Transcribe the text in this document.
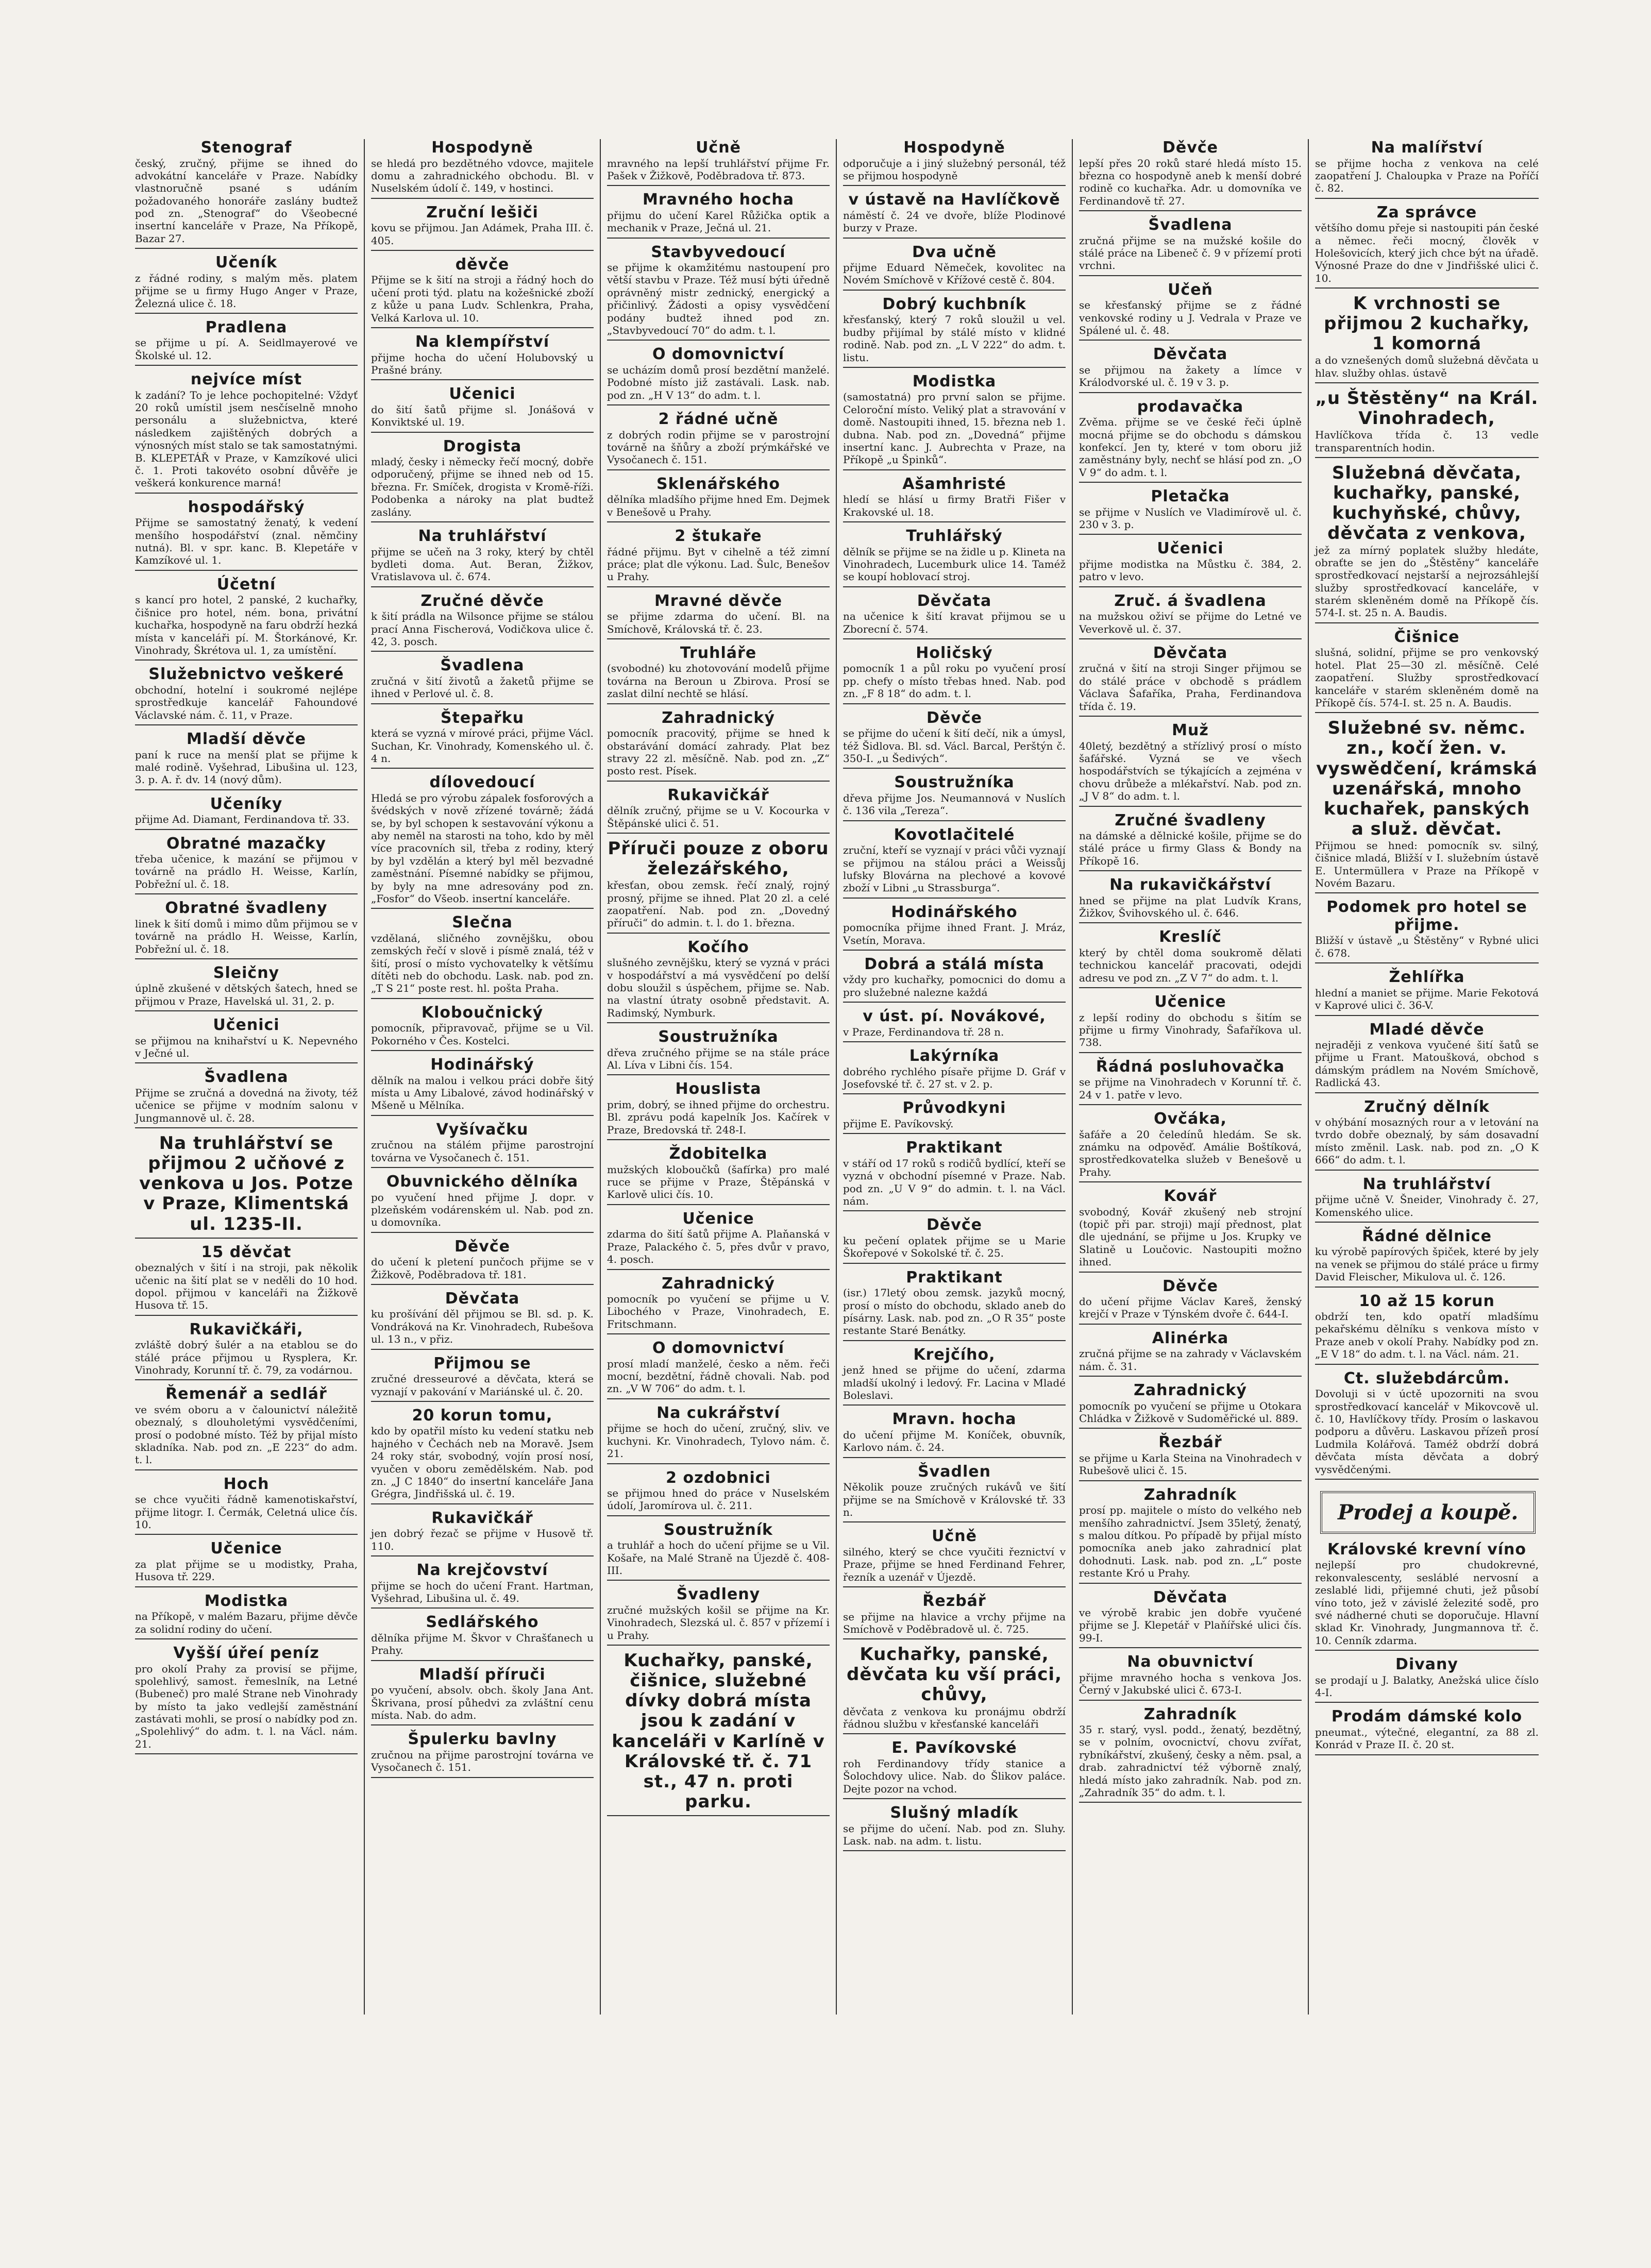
Stenograf
český, zručný, přijme se ihned do advokátní kanceláře v Praze. Nabídky vlastnoručně psané s udáním požadovaného honoráře zaslány budtež pod zn. „Stenograf“ do Všeobecné insertní kanceláře v Praze, Na Příkopě, Bazar 27.
Učeník
z řádné rodiny, s malým měs. platem přijme se u firmy Hugo Anger v Praze, Železná ulice č. 18.
Pradlena
se přijme u pí. A. Seidlmayerové ve Školské ul. 12.
nejvíce míst
k zadání? To je lehce pochopitelné: Vždyť 20 roků umístil jsem nesčíselně mnoho personálu a služebnictva, které následkem zajištěných dobrých a výnosných míst stalo se tak samostatnými. B. KLEPETÁŘ v Praze, v Kamzíkové ulici č. 1. Proti takovéto osobní důvěře je veškerá konkurence marná!
hospodářský
Přijme se samostatný ženatý, k vedení menšího hospodářství (znal. němčiny nutná). Bl. v spr. kanc. B. Klepetáře v Kamzíkové ul. 1.
Účetní
s kancí pro hotel, 2 panské, 2 kuchařky, čišnice pro hotel, ném. bona, privátní kuchařka, hospodyně na faru obdrží hezká místa v kanceláři pí. M. Štorkánové, Kr. Vinohrady, Škrétova ul. 1, za umístění.
Služebnictvo veškeré
obchodní, hotelní i soukromé nejlépe sprostředkuje kancelář Fahoundové Václavské nám. č. 11, v Praze.
Mladší děvče
paní k ruce na menší plat se přijme k malé rodině. Vyšehrad, Libušina ul. 123, 3. p. A. ř. dv. 14 (nový dům).
Učeníky
přijme Ad. Diamant, Ferdinandova tř. 33.
Obratné mazačky
třeba učenice, k mazání se přijmou v továrně na prádlo H. Weisse, Karlín, Pobřežní ul. č. 18.
Obratné švadleny
linek k šití domů i mimo dům přijmou se v továrně na prádlo H. Weisse, Karlín, Pobřežní ul. č. 18.
Sleičny
úplně zkušené v dětských šatech, hned se přijmou v Praze, Havelská ul. 31, 2. p.
Učenici
se přijmou na knihařství u K. Nepevného v Ječné ul.
Švadlena
Přijme se zručná a dovedná na životy, též učenice se přijme v modním salonu v Jungmannově ul. č. 28.
Na truhlářství se přijmou 2 učňové z venkova u Jos. Potze v Praze, Klimentská ul. 1235-II.
15 děvčat
obeznalých v šití i na stroji, pak několik učenic na šití plat se v neděli do 10 hod. dopol. přijmou v kanceláři na Žižkově Husova tř. 15.
Rukavičkáři,
zvláště dobrý šulér a na etablou se do stálé práce přijmou u Rysplera, Kr. Vinohrady, Korunní tř. č. 79, za vodárnou.
Řemenář a sedlář
ve svém oboru a v čalounictví náležitě obeznalý, s dlouholetými vysvědčeními, prosí o podobné místo. Též by přijal místo skladníka. Nab. pod zn. „E 223“ do adm. t. l.
Hoch
se chce vyučiti řádně kamenotiskařství, přijme litogr. I. Čermák, Celetná ulice čís. 10.
Učenice
za plat přijme se u modistky, Praha, Husova tř. 229.
Modistka
na Příkopě, v malém Bazaru, přijme děvče za solidní rodiny do učení.
Vyšší úřeí peníz
pro okolí Prahy za provisí se přijme, spolehlivý, samost. řemeslník, na Letné (Bubeneč) pro malé Strane neb Vinohrady by místo ta jako vedlejší zaměstnání zastávati mohli, se prosí o nabídky pod zn. „Spolehlivý“ do adm. t. l. na Václ. nám. 21.
Hospodyně
se hledá pro bezdětného vdovce, majitele domu a zahradnického obchodu. Bl. v Nuselském údolí č. 149, v hostinci.
Zruční lešiči
kovu se přijmou. Jan Adámek, Praha III. č. 405.
děvče
Přijme se k šití na stroji a řádný hoch do učení proti týd. platu na kožešnické zboží z kůže u pana Ludv. Schlenkra, Praha, Velká Karlova ul. 10.
Na klempířství
přijme hocha do učení Holubovský u Prašné brány.
Učenici
do šití šatů přijme sl. Jonášová v Konviktské ul. 19.
Drogista
mladý, česky i německy řečí mocný, dobře odporučený, přijme se ihned neb od 15. března. Fr. Smíček, drogista v Kromě-říži. Podobenka a nároky na plat budtež zaslány.
Na truhlářství
přijme se učeň na 3 roky, který by chtěl bydleti doma. Aut. Beran, Žižkov, Vratislavova ul. č. 674.
Zručné děvče
k šití prádla na Wilsonce přijme se stálou prací Anna Fischerová, Vodičkova ulice č. 42, 3. posch.
Švadlena
zručná v šití životů a žaketů přijme se ihned v Perlové ul. č. 8.
Štepařku
která se vyzná v mírové práci, přijme Václ. Suchan, Kr. Vinohrady, Komenského ul. č. 4 n.
dílovedoucí
Hledá se pro výrobu zápalek fosforových a švédských v nově zřízené továrně; žádá se, by byl schopen k sestavování výkonu a aby neměl na starosti na toho, kdo by měl více pracovních sil, třeba z rodiny, který by byl vzdělán a který byl měl bezvadné zaměstnání. Písemné nabídky se přijmou, by byly na mne adresovány pod zn. „Fosfor“ do Všeob. insertní kanceláře.
Slečna
vzdělaná, sličného zovnějšku, obou zemských řečí v slově i písmě znalá, též v šití, prosí o místo vychovatelky k většímu dítěti neb do obchodu. Lask. nab. pod zn. „T S 21“ poste rest. hl. pošta Praha.
Kloboučnický
pomocník, připravovač, přijme se u Vil. Pokorného v Čes. Kostelci.
Hodinářský
dělník na malou i velkou práci dobře šitý místa u Amy Libalové, závod hodinářský v Mšeně u Mělníka.
Vyšívačku
zručnou na stálém přijme parostrojní továrna ve Vysočanech č. 151.
Obuvnického dělníka
po vyučení hned přijme J. dopr. v plzeňském vodárenském ul. Nab. pod zn. u domovníka.
Děvče
do učení k pletení punčoch přijme se v Žižkově, Poděbradova tř. 181.
Děvčata
ku prošívání děl přijmou se Bl. sd. p. K. Vondráková na Kr. Vinohradech, Rubešova ul. 13 n., v přiz.
Přijmou se
zručné dresseurové a děvčata, která se vyznají v pakování v Mariánské ul. č. 20.
20 korun tomu,
kdo by opatřil místo ku vedení statku neb hajného v Čechách neb na Moravě. Jsem 24 roky stár, svobodný, vojín prosí nosí, vyučen v oboru zemědělském. Nab. pod zn. „J C 1840“ do insertní kanceláře Jana Grégra, Jindřišská ul. č. 19.
Rukavičkář
jen dobrý řezač se přijme v Husově tř. 110.
Na krejčovství
přijme se hoch do učení Frant. Hartman, Vyšehrad, Libušina ul. č. 49.
Sedlářského
dělníka přijme M. Škvor v Chrašťanech u Prahy.
Mladší příruči
po vyučení, absolv. obch. školy Jana Ant. Škrivana, prosí půhedvi za zvláštní cenu místa. Nab. do adm.
Špulerku bavlny
zručnou na přijme parostrojní továrna ve Vysočanech č. 151.
Učně
mravného na lepší truhlářství přijme Fr. Pašek v Žižkově, Poděbradova tř. 873.
Mravného hocha
přijmu do učení Karel Růžička optik a mechanik v Praze, Ječná ul. 21.
Stavbyvedoucí
se přijme k okamžitému nastoupení pro větší stavbu v Praze. Též musí býti úředně oprávněný mistr zednický, energický a přičinlivý. Žádosti a opisy vysvědčení podány budtež ihned pod zn. „Stavbyvedoucí 70“ do adm. t. l.
O domovnictví
se ucházím domů prosí bezdětní manželé. Podobné místo již zastávali. Lask. nab. pod zn. „H V 13“ do adm. t. l.
2 řádné učně
z dobrých rodin přijme se v parostrojní továrně na šňůry a zboží prýmkářské ve Vysočanech č. 151.
Sklenářského
dělníka mladšího přijme hned Em. Dejmek v Benešově u Prahy.
2 štukaře
řádné přijmu. Byt v cihelně a též zimní práce; plat dle výkonu. Lad. Šulc, Benešov u Prahy.
Mravné děvče
se přijme zdarma do učení. Bl. na Smíchově, Královská tř. č. 23.
Truhláře
(svobodné) ku zhotovování modelů přijme továrna na Beroun u Zbirova. Prosí se zaslat dilní nechtě se hlásí.
Zahradnický
pomocník pracovitý, přijme se hned k obstarávání domácí zahrady. Plat bez stravy 22 zl. měsíčně. Nab. pod zn. „Z“ posto rest. Písek.
Rukavičkář
dělník zručný, přijme se u V. Kocourka v Štěpánské ulici č. 51.
Příruči pouze z oboru železářského,
křesťan, obou zemsk. řečí znalý, rojný prosný, přijme se ihned. Plat 20 zl. a celé zaopatření. Nab. pod zn. „Dovedný příruči“ do admin. t. l. do 1. března.
Kočího
slušného zevnějšku, který se vyzná v práci v hospodářství a má vysvědčení po delší dobu sloužil s úspěchem, přijme se. Nab. na vlastní útraty osobně představit. A. Radimský, Nymburk.
Soustružníka
dřeva zručného přijme se na stále práce Al. Líva v Libni čís. 154.
Houslista
prim, dobrý, se ihned přijme do orchestru. Bl. zprávu podá kapelník Jos. Kačírek v Praze, Bredovská tř. 248-I.
Ždobitelka
mužských kloboučků (šafírka) pro malé ruce se přijme v Praze, Štěpánská v Karlově ulici čís. 10.
Učenice
zdarma do šití šatů přijme A. Plaňanská v Praze, Palackého č. 5, přes dvůr v pravo, 4. posch.
Zahradnický
pomocník po vyučení se přijme u V. Libochého v Praze, Vinohradech, E. Fritschmann.
O domovnictví
prosí mladí manželé, česko a něm. řeči mocní, bezdětní, řádně chovali. Nab. pod zn. „V W 706“ do adm. t. l.
Na cukrářství
přijme se hoch do učení, zručný, sliv. ve kuchyni. Kr. Vinohradech, Tylovo nám. č. 21.
2 ozdobnici
se přijmou hned do práce v Nuselském údolí, Jaromírova ul. č. 211.
Soustružník
a truhlář a hoch do učení přijme se u Vil. Košaře, na Malé Straně na Újezdě č. 408-III.
Švadleny
zručné mužských košil se přijme na Kr. Vinohradech, Slezská ul. č. 857 v přízemí i u Prahy.
Kuchařky, panské, čišnice, služebné dívky dobrá místa jsou k zadání v kanceláři v Karlíně v Královské tř. č. 71 st., 47 n. proti parku.
Hospodyně
odporučuje a i jiný služebný personál, též se přijmou hospodyně
v ústavě na Havlíčkově
náměstí č. 24 ve dvoře, blíže Plodinové burzy v Praze.
Dva učně
přijme Eduard Němeček, kovolitec na Novém Smíchově v Křížové cestě č. 804.
Dobrý kuchbník
křesťanský, který 7 roků sloužil u vel. budby přijímal by stálé místo v klidné rodině. Nab. pod zn. „L V 222“ do adm. t. listu.
Modistka
(samostatná) pro první salon se přijme. Celoroční místo. Veliký plat a stravování v domě. Nastoupiti ihned, 15. března neb 1. dubna. Nab. pod zn. „Dovedná“ přijme insertní kanc. J. Aubrechta v Praze, na Příkopě „u Špinků“.
Ašamhristé
hledí se hlásí u firmy Bratři Fišer v Krakovské ul. 18.
Truhlářský
dělník se přijme se na židle u p. Klineta na Vinohradech, Lucemburk ulice 14. Taméž se koupí hoblovací stroj.
Děvčata
na učenice k šití kravat přijmou se u Zborecní č. 574.
Holičský
pomocník 1 a půl roku po vyučení prosí pp. chefy o místo třebas hned. Nab. pod zn. „F 8 18“ do adm. t. l.
Děvče
se přijme do učení k šití dečí, nik a úmysl, též Šidlova. Bl. sd. Václ. Barcal, Perštýn č. 350-I. „u Šedivých“.
Soustružníka
dřeva přijme Jos. Neumannová v Nuslích č. 136 vila „Tereza“.
Kovotlačitelé
zruční, kteří se vyznají v práci vůči vyznají se přijmou na stálou práci a Weissůj lufsky Blovárna na plechové a kovové zboží v Libni „u Strassburga“.
Hodinářského
pomocníka přijme ihned Frant. J. Mráz, Vsetín, Morava.
Dobrá a stálá místa
vždy pro kuchařky, pomocnici do domu a pro služebné nalezne každá
v úst. pí. Novákové,
v Praze, Ferdinandova tř. 28 n.
Lakýrníka
dobrého rychlého písaře přijme D. Gráf v Josefovské tř. č. 27 st. v 2. p.
Průvodkyni
přijme E. Pavíkovský.
Praktikant
v stáří od 17 roků s rodičů bydlící, kteří se vyzná v obchodní písemné v Praze. Nab. pod zn. „U V 9“ do admin. t. l. na Václ. nám.
Děvče
ku pečení oplatek přijme se u Marie Škořepové v Sokolské tř. č. 25.
Praktikant
(isr.) 17letý obou zemsk. jazyků mocný, prosí o místo do obchodu, sklado aneb do písárny. Lask. nab. pod zn. „O R 35“ poste restante Staré Benátky.
Krejčího,
jenž hned se přijme do učení, zdarma mladší ukolný i ledový. Fr. Lacina v Mladé Boleslavi.
Mravn. hocha
do učení přijme M. Koníček, obuvník, Karlovo nám. č. 24.
Švadlen
Několik pouze zručných rukávů ve šití přijme se na Smíchově v Královské tř. 33 n.
Učně
silného, který se chce vyučiti řeznictví v Praze, přijme se hned Ferdinand Fehrer, řezník a uzenář v Újezdě.
Řezbář
se přijme na hlavice a vrchy přijme na Smíchově v Poděbradově ul. č. 725.
Kuchařky, panské, děvčata ku vší práci, chůvy,
děvčata z venkova ku pronájmu obdrží řádnou službu v křesťanské kanceláři
E. Pavíkovské
roh Ferdinandovy třídy stanice a Šolochdovy ulice. Nab. do Šlikov paláce. Dejte pozor na vchod.
Slušný mladík
se přijme do učení. Nab. pod zn. Sluhy. Lask. nab. na adm. t. listu.
Děvče
lepší přes 20 roků staré hledá místo 15. března co hospodyně aneb k menší dobré rodině co kuchařka. Adr. u domovníka ve Ferdinandově tř. 27.
Švadlena
zručná přijme se na mužské košile do stálé práce na Libeneč č. 9 v přízemí proti vrchni.
Učeň
se křesťanský přijme se z řádné venkovské rodiny u J. Vedrala v Praze ve Spálené ul. č. 48.
Děvčata
se přijmou na žakety a límce v Králodvorské ul. č. 19 v 3. p.
prodavačka
Zvěma. přijme se ve české řeči úplně mocná přijme se do obchodu s dámskou konfekcí. Jen ty, které v tom oboru již zaměstnány byly, nechť se hlásí pod zn. „O V 9“ do adm. t. l.
Pletačka
se přijme v Nuslích ve Vladimírově ul. č. 230 v 3. p.
Učenici
přijme modistka na Můstku č. 384, 2. patro v levo.
Zruč. á švadlena
na mužskou oživí se přijme do Letné ve Veverkově ul. č. 37.
Děvčata
zručná v šití na stroji Singer přijmou se do stálé práce v obchodě s prádlem Václava Šafaříka, Praha, Ferdinandova třída č. 19.
Muž
40letý, bezdětný a střízlivý prosí o místo šafářské. Vyzná se ve všech hospodářstvích se týkajících a zejména v chovu drůbeže a mlékařství. Nab. pod zn. „J V 8“ do adm. t. l.
Zručné švadleny
na dámské a dělnické košile, přijme se do stálé práce u firmy Glass & Bondy na Příkopě 16.
Na rukavičkářství
hned se přijme na plat Ludvík Krans, Žižkov, Švihovského ul. č. 646.
Kreslíč
který by chtěl doma soukromě dělati technickou kancelář pracovati, odejdi adresu ve pod zn. „Z V 7“ do adm. t. l.
Učenice
z lepší rodiny do obchodu s šitím se přijme u firmy Vinohrady, Šafaříkova ul. 738.
Řádná posluhovačka
se přijme na Vinohradech v Korunní tř. č. 24 v 1. patře v levo.
Ovčáka,
šafáře a 20 čeledínů hledám. Se sk. známku na odpověď. Amálie Boštíková, sprostředkovatelka služeb v Benešově u Prahy.
Kovář
svobodný, Kovář zkušený neb strojní (topič při par. stroji) mají přednost, plat dle ujednání, se přijme u Jos. Krupky ve Slatině u Loučovic. Nastoupiti možno ihned.
Děvče
do učení přijme Václav Kareš, ženský krejčí v Praze v Týnském dvoře č. 644-I.
Alinérka
zručná přijme se na zahrady v Václavském nám. č. 31.
Zahradnický
pomocník po vyučení se přijme u Otokara Chládka v Žižkově v Sudoměřické ul. 889.
Řezbář
se přijme u Karla Steina na Vinohradech v Rubešově ulici č. 15.
Zahradník
prosí pp. majitele o místo do velkého neb menšího zahradnictví. Jsem 35letý, ženatý, s malou dítkou. Po případě by přijal místo pomocníka aneb jako zahradnicí plat dohodnuti. Lask. nab. pod zn. „L“ poste restante Kró u Prahy.
Děvčata
ve výrobě krabic jen dobře vyučené přijme se J. Klepetář v Plaňířské ulici čís. 99-I.
Na obuvnictví
přijme mravného hocha s venkova Jos. Černý v Jakubské ulici č. 673-I.
Zahradník
35 r. starý, vysl. podd., ženatý, bezdětný, se v polním, ovocnictví, chovu zvířat, rybníkářství, zkušený, česky a něm. psal, a drab. zahradnictví též výborně znalý, hledá místo jako zahradník. Nab. pod zn. „Zahradník 35“ do adm. t. l.
Na malířství
se přijme hocha z venkova na celé zaopatření J. Chaloupka v Praze na Poříčí č. 82.
Za správce
většího domu přeje si nastoupiti pán české a němec. řeči mocný, člověk v Holešovicích, který jich chce být na úřadě. Výnosné Praze do dne v Jindřišské ulici č. 10.
K vrchnosti se přijmou 2 kuchařky, 1 komorná
a do vznešených domů služebná děvčata u hlav. služby ohlas. ústavě
„u Štěstěny“ na Král. Vinohradech,
Havlíčkova třída č. 13 vedle transparentních hodin.
Služebná děvčata, kuchařky, panské, kuchyňské, chůvy, děvčata z venkova,
jež za mírný poplatek služby hledáte, obraťte se jen do „Štěstěny“ kanceláře sprostředkovací nejstarší a nejrozsáhlejší služby sprostředkovací kanceláře, v starém skleněném domě na Příkopě čís. 574-I. st. 25 n. A. Baudis.
Čišnice
slušná, solidní, přijme se pro venkovský hotel. Plat 25—30 zl. měsíčně. Celé zaopatření. Služby sprostředkovací kanceláře v starém skleněném domě na Příkopě čís. 574-I. st. 25 n. A. Baudis.
Služebné sv. němc. zn., kočí žen. v. vyswědčení, krámská uzenářská, mnoho kuchařek, panských a služ. děvčat.
Přijmou se hned: pomocník sv. silný, čišnice mladá, Bližší v I. služebním ústavě E. Untermüllera v Praze na Příkopě v Novém Bazaru.
Podomek pro hotel se přijme.
Bližší v ústavě „u Štěstěny“ v Rybné ulici č. 678.
Žehlířka
hlední a maniet se přijme. Marie Fekotová v Kaprové ulici č. 36-V.
Mladé děvče
nejraději z venkova vyučené šití šatů se přijme u Frant. Matoušková, obchod s dámským prádlem na Novém Smíchově, Radlická 43.
Zručný dělník
v ohýbání mosazných rour a v letování na tvrdo dobře obeznalý, by sám dosavadní místo změnil. Lask. nab. pod zn. „O K 666“ do adm. t. l.
Na truhlářství
přijme učně V. Šneider, Vinohrady č. 27, Komenského ulice.
Řádné dělnice
ku výrobě papírových špiček, které by jely na venek se přijmou do stálé práce u firmy David Fleischer, Mikulova ul. č. 126.
10 až 15 korun
obdrží ten, kdo opatří mladšímu pekařskému dělníku s venkova místo v Praze aneb v okolí Prahy. Nabídky pod zn. „E V 18“ do adm. t. l. na Václ. nám. 21.
Ct. služebdárcům.
Dovoluji si v úctě upozorniti na svou sprostředkovací kancelář v Mikovcově ul. č. 10, Havlíčkovy třídy. Prosím o laskavou podporu a důvěru. Laskavou přízeň prosí Ludmila Kolářová. Taméž obdrží dobrá děvčata místa děvčata a dobrý vysvědčenými.
Prodej a koupě.
Královské krevní víno
nejlepší pro chudokrevné, rekonvalescenty, sesláblé nervosní a zeslablé lidi, přijemné chuti, jež působí víno toto, jež v závislé železité sodě, pro své nádherné chuti se doporučuje. Hlavní sklad Kr. Vinohrady, Jungmannova tř. č. 10. Cenník zdarma.
Divany
se prodají u J. Balatky, Anežská ulice číslo 4-I.
Prodám dámské kolo
pneumat., výtečné, elegantní, za 88 zl. Konrád v Praze II. č. 20 st.
